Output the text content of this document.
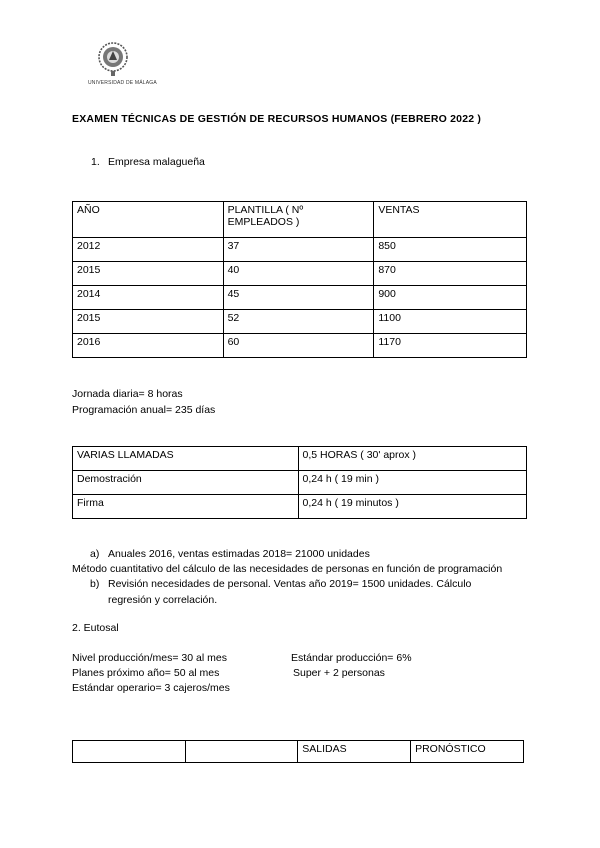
UNIVERSIDAD DE MÁLAGA
EXAMEN TÉCNICAS DE GESTIÓN DE RECURSOS HUMANOS (FEBRERO 2022 )
1. Empresa malagueña
AÑO	PLANTILLA ( Nº EMPLEADOS )	VENTAS
2012	37	850
2015	40	870
2014	45	900
2015	52	1100
2016	60	1170
Jornada diaria= 8 horas
Programación anual= 235 días
VARIAS LLAMADAS	0,5 HORAS ( 30' aprox )
Demostración	0,24 h ( 19 min )
Firma	0,24 h ( 19 minutos )
a) Anuales 2016, ventas estimadas 2018= 21000 unidades
Método cuantitativo del cálculo de las necesidades de personas en función de programación
b) Revisión necesidades de personal. Ventas año 2019= 1500 unidades. Cálculo
regresión y correlación.
2. Eutosal
Nivel producción/mes= 30 al mes
Planes próximo año= 50 al mes
Estándar operario= 3 cajeros/mes
Estándar producción= 6%
Super + 2 personas
		SALIDAS	PRONÓSTICO
